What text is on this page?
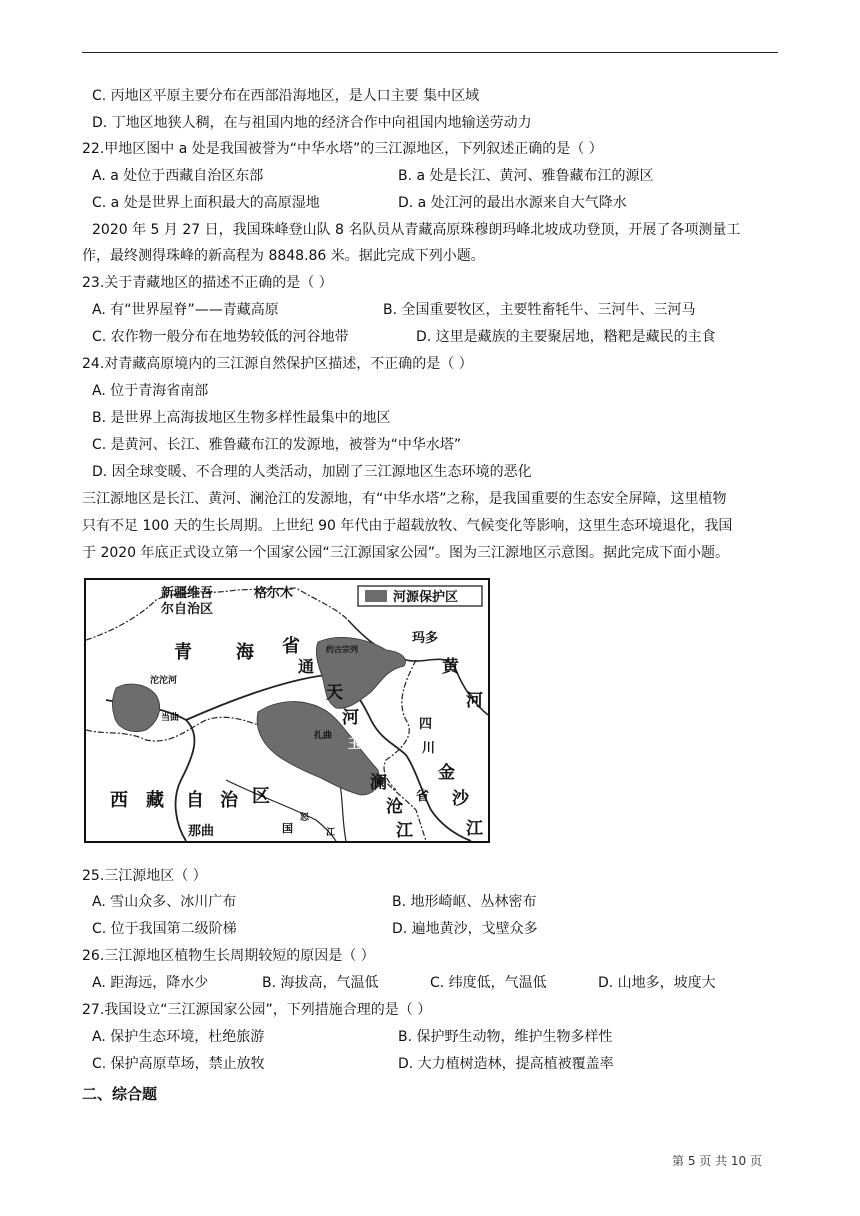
C. 丙地区平原主要分布在西部沿海地区，是人口主要 集中区域
D. 丁地区地狭人稠，在与祖国内地的经济合作中向祖国内地输送劳动力
22.甲地区图中 a 处是我国被誉为“中华水塔”的三江源地区，下列叙述正确的是（ ）
A. a 处位于西藏自治区东部	B. a 处是长江、黄河、雅鲁藏布江的源区
C. a 处是世界上面积最大的高原湿地	D. a 处江河的最出水源来自大气降水
2020 年 5 月 27 日，我国珠峰登山队 8 名队员从青藏高原珠穆朗玛峰北坡成功登顶，开展了各项测量工
作，最终测得珠峰的新高程为 8848.86 米。据此完成下列小题。
23.关于青藏地区的描述不正确的是（ ）
A. 有“世界屋脊”——青藏高原	B. 全国重要牧区，主要牲畜牦牛、三河牛、三河马
C. 农作物一般分布在地势较低的河谷地带	D. 这里是藏族的主要聚居地，糌粑是藏民的主食
24.对青藏高原境内的三江源自然保护区描述，不正确的是（ ）
A. 位于青海省南部
B. 是世界上高海拔地区生物多样性最集中的地区
C. 是黄河、长江、雅鲁藏布江的发源地，被誉为“中华水塔”
D. 因全球变暖、不合理的人类活动，加剧了三江源地区生态环境的恶化
三江源地区是长江、黄河、澜沧江的发源地，有“中华水塔”之称，是我国重要的生态安全屏障，这里植物
只有不足 100 天的生长周期。上世纪 90 年代由于超载放牧、气候变化等影响，这里生态环境退化，我国
于 2020 年底正式设立第一个国家公园“三江源国家公园”。图为三江源地区示意图。据此完成下面小题。
河源保护区
新疆维吾
尔自治区
格尔木
青 海 省
通
天
河
玉树
玛多
黄
河
四
川
省
金
沙
江
澜
沧
江
西 藏 自 治 区
那曲
沱沱河
当曲
扎曲
怒
江
国
约古宗列
25.三江源地区（ ）
A. 雪山众多、冰川广布	B. 地形崎岖、丛林密布
C. 位于我国第二级阶梯	D. 遍地黄沙，戈壁众多
26.三江源地区植物生长周期较短的原因是（ ）
A. 距海远，降水少	B. 海拔高，气温低	C. 纬度低，气温低	D. 山地多，坡度大
27.我国设立“三江源国家公园”，下列措施合理的是（ ）
A. 保护生态环境，杜绝旅游	B. 保护野生动物，维护生物多样性
C. 保护高原草场，禁止放牧	D. 大力植树造林，提高植被覆盖率
二、综合题
第 5 页 共 10 页
